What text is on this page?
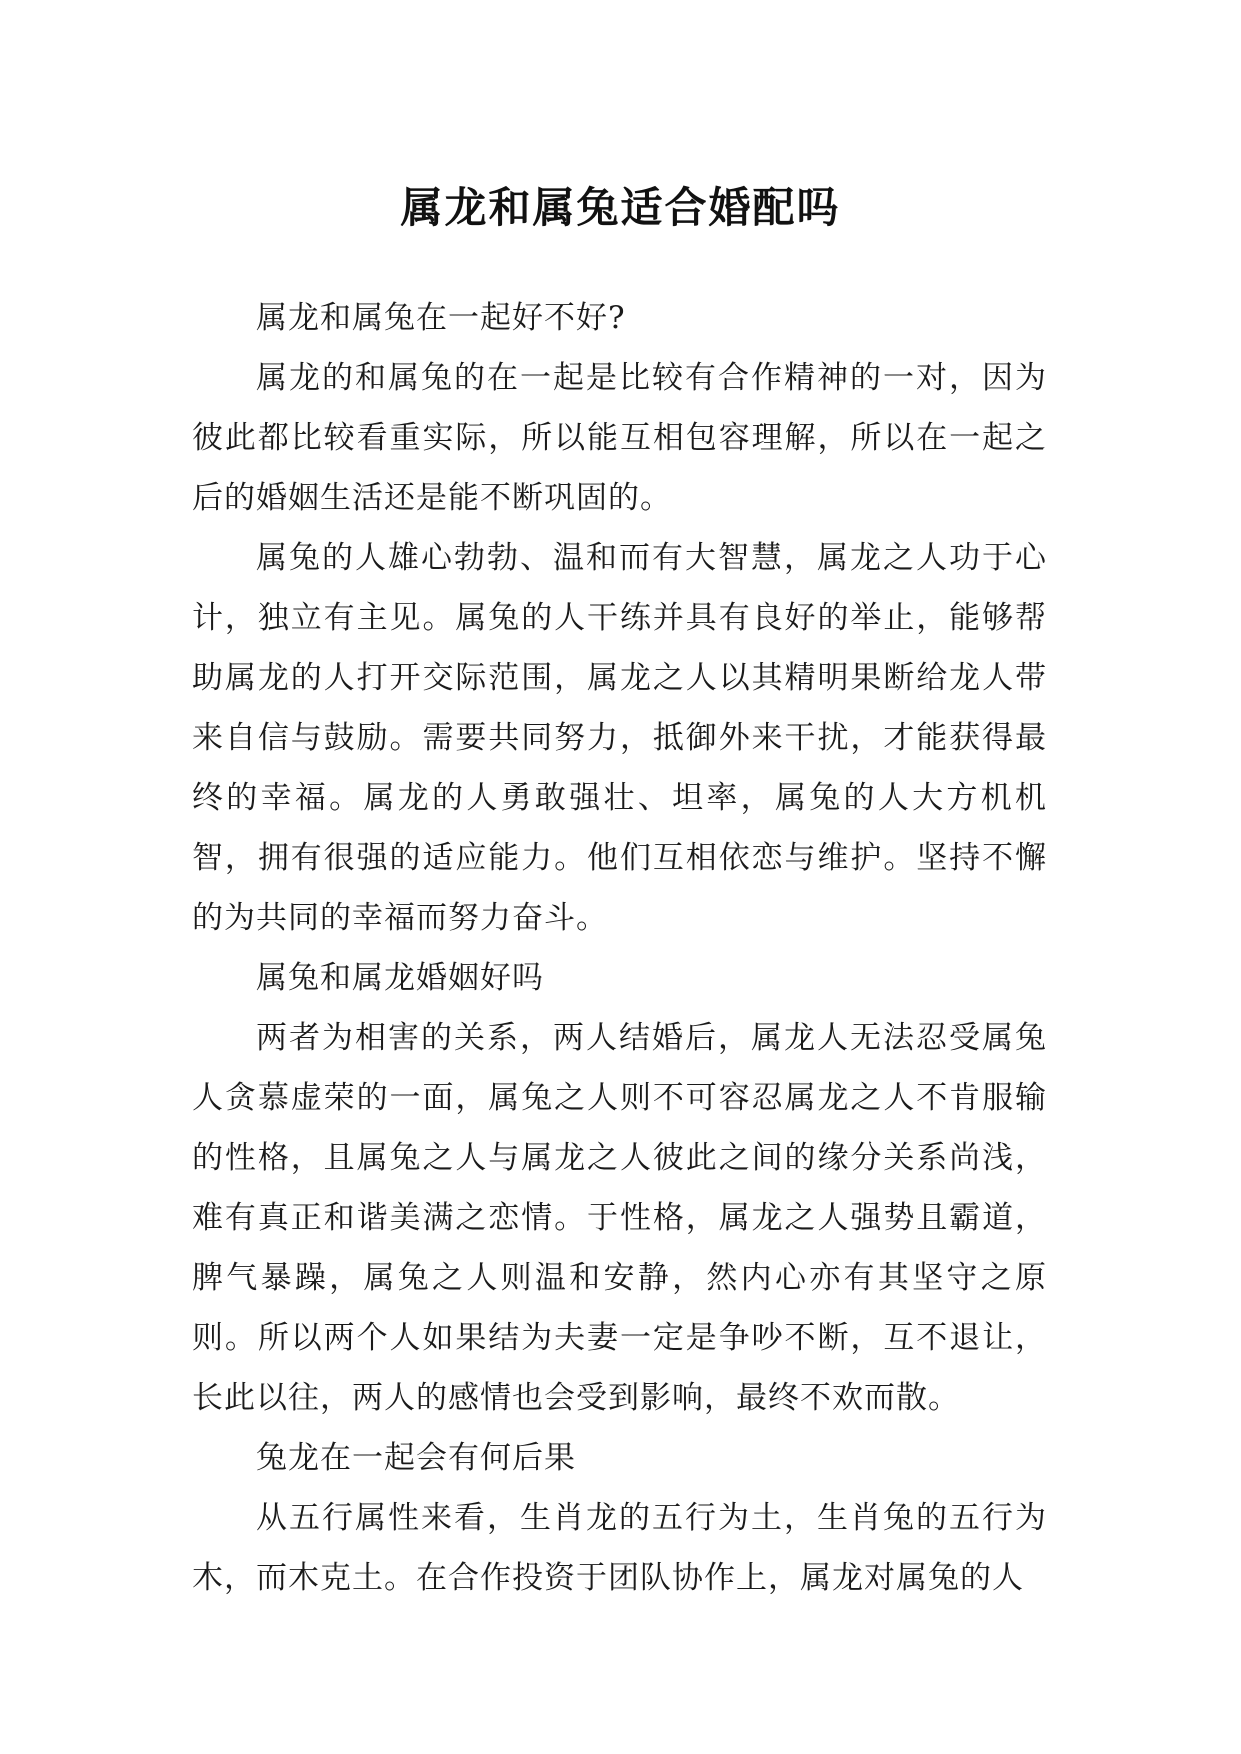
属龙和属兔适合婚配吗

属龙和属兔在一起好不好?

属龙的和属兔的在一起是比较有合作精神的一对，因为彼此都比较看重实际，所以能互相包容理解，所以在一起之后的婚姻生活还是能不断巩固的。

属兔的人雄心勃勃、温和而有大智慧，属龙之人功于心计，独立有主见。属兔的人干练并具有良好的举止，能够帮助属龙的人打开交际范围，属龙之人以其精明果断给龙人带来自信与鼓励。需要共同努力，抵御外来干扰，才能获得最终的幸福。属龙的人勇敢强壮、坦率，属兔的人大方机机智，拥有很强的适应能力。他们互相依恋与维护。坚持不懈的为共同的幸福而努力奋斗。

属兔和属龙婚姻好吗

两者为相害的关系，两人结婚后，属龙人无法忍受属兔人贪慕虚荣的一面，属兔之人则不可容忍属龙之人不肯服输的性格，且属兔之人与属龙之人彼此之间的缘分关系尚浅，难有真正和谐美满之恋情。于性格，属龙之人强势且霸道，脾气暴躁，属兔之人则温和安静，然内心亦有其坚守之原则。所以两个人如果结为夫妻一定是争吵不断，互不退让，长此以往，两人的感情也会受到影响，最终不欢而散。

兔龙在一起会有何后果

从五行属性来看，生肖龙的五行为土，生肖兔的五行为木，而木克土。在合作投资于团队协作上，属龙对属兔的人
